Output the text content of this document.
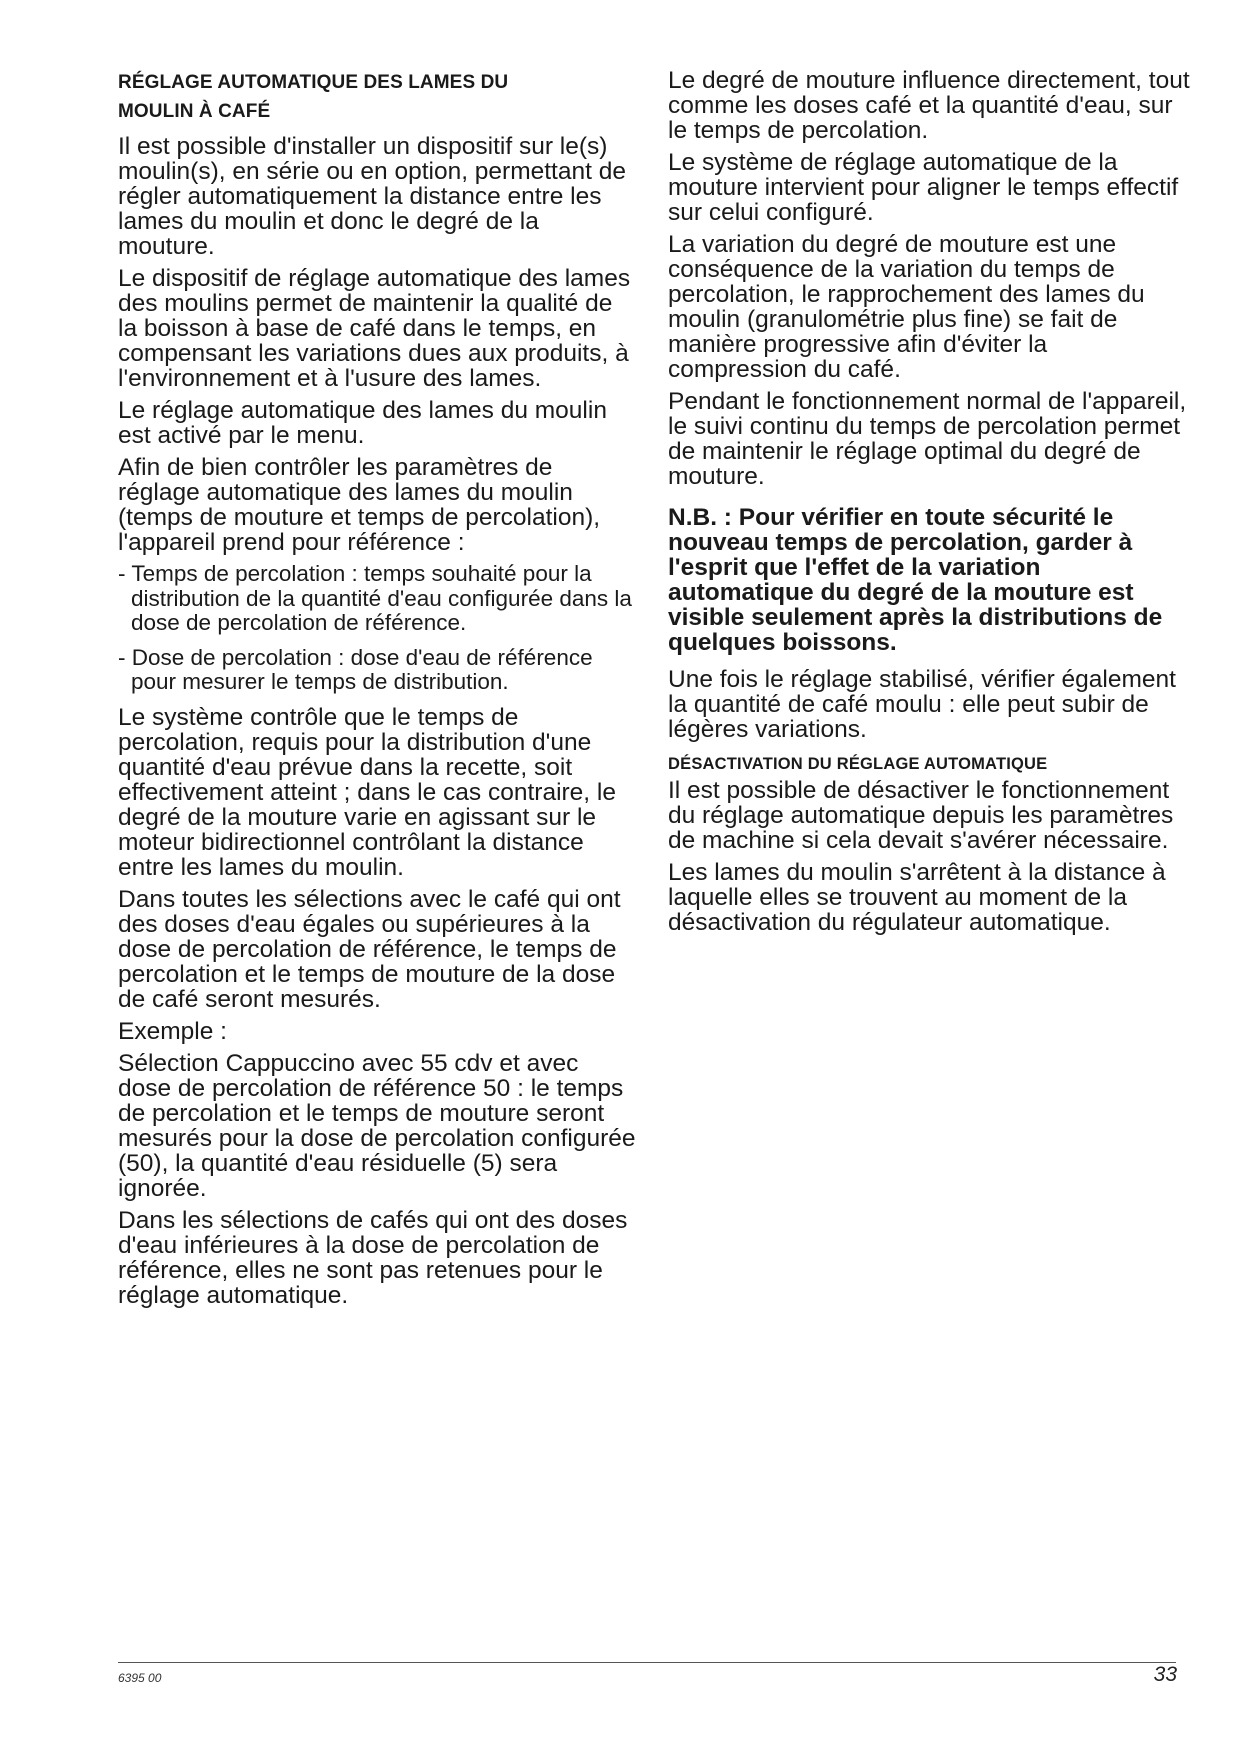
RÉGLAGE AUTOMATIQUE DES LAMES DU
MOULIN À CAFÉ
Il est possible d'installer un dispositif sur le(s) moulin(s), en série ou en option, permettant de régler automatiquement la distance entre les lames du moulin et donc le degré de la mouture.
Le dispositif de réglage automatique des lames des moulins permet de maintenir la qualité de la boisson à base de café dans le temps, en compensant les variations dues aux produits, à l'environnement et à l'usure des lames.
Le réglage automatique des lames du moulin est activé par le menu.
Afin de bien contrôler les paramètres de réglage automatique des lames du moulin (temps de mouture et temps de percolation), l'appareil prend pour référence :
- Temps de percolation : temps souhaité pour la distribution de la quantité d'eau configurée dans la dose de percolation de référence.
- Dose de percolation : dose d'eau de référence pour mesurer le temps de distribution.
Le système contrôle que le temps de percolation, requis pour la distribution d'une quantité d'eau prévue dans la recette, soit effectivement atteint ; dans le cas contraire, le degré de la mouture varie en agissant sur le moteur bidirectionnel contrôlant la distance entre les lames du moulin.
Dans toutes les sélections avec le café qui ont des doses d'eau égales ou supérieures à la dose de percolation de référence, le temps de percolation et le temps de mouture de la dose de café seront mesurés.
Exemple :
Sélection Cappuccino avec 55 cdv et avec dose de percolation de référence 50 : le temps de percolation et le temps de mouture seront mesurés pour la dose de percolation configurée (50), la quantité d'eau résiduelle (5) sera ignorée.
Dans les sélections de cafés qui ont des doses d'eau inférieures à la dose de percolation de référence, elles ne sont pas retenues pour le réglage automatique.
Le degré de mouture influence directement, tout comme les doses café et la quantité d'eau, sur le temps de percolation.
Le système de réglage automatique de la mouture intervient pour aligner le temps effectif sur celui configuré.
La variation du degré de mouture est une conséquence de la variation du temps de percolation, le rapprochement des lames du moulin (granulométrie plus fine) se fait de manière progressive afin d'éviter la compression du café.
Pendant le fonctionnement normal de l'appareil, le suivi continu du temps de percolation permet de maintenir le réglage optimal du degré de mouture.
N.B. : Pour vérifier en toute sécurité le nouveau temps de percolation, garder à l'esprit que l'effet de la variation automatique du degré de la mouture est visible seulement après la distributions de quelques boissons.
Une fois le réglage stabilisé, vérifier également la quantité de café moulu : elle peut subir de légères variations.
DÉSACTIVATION DU RÉGLAGE AUTOMATIQUE
Il est possible de désactiver le fonctionnement du réglage automatique depuis les paramètres de machine si cela devait s'avérer nécessaire.
Les lames du moulin s'arrêtent à la distance à laquelle elles se trouvent au moment de la désactivation du régulateur automatique.
6395 00	33
